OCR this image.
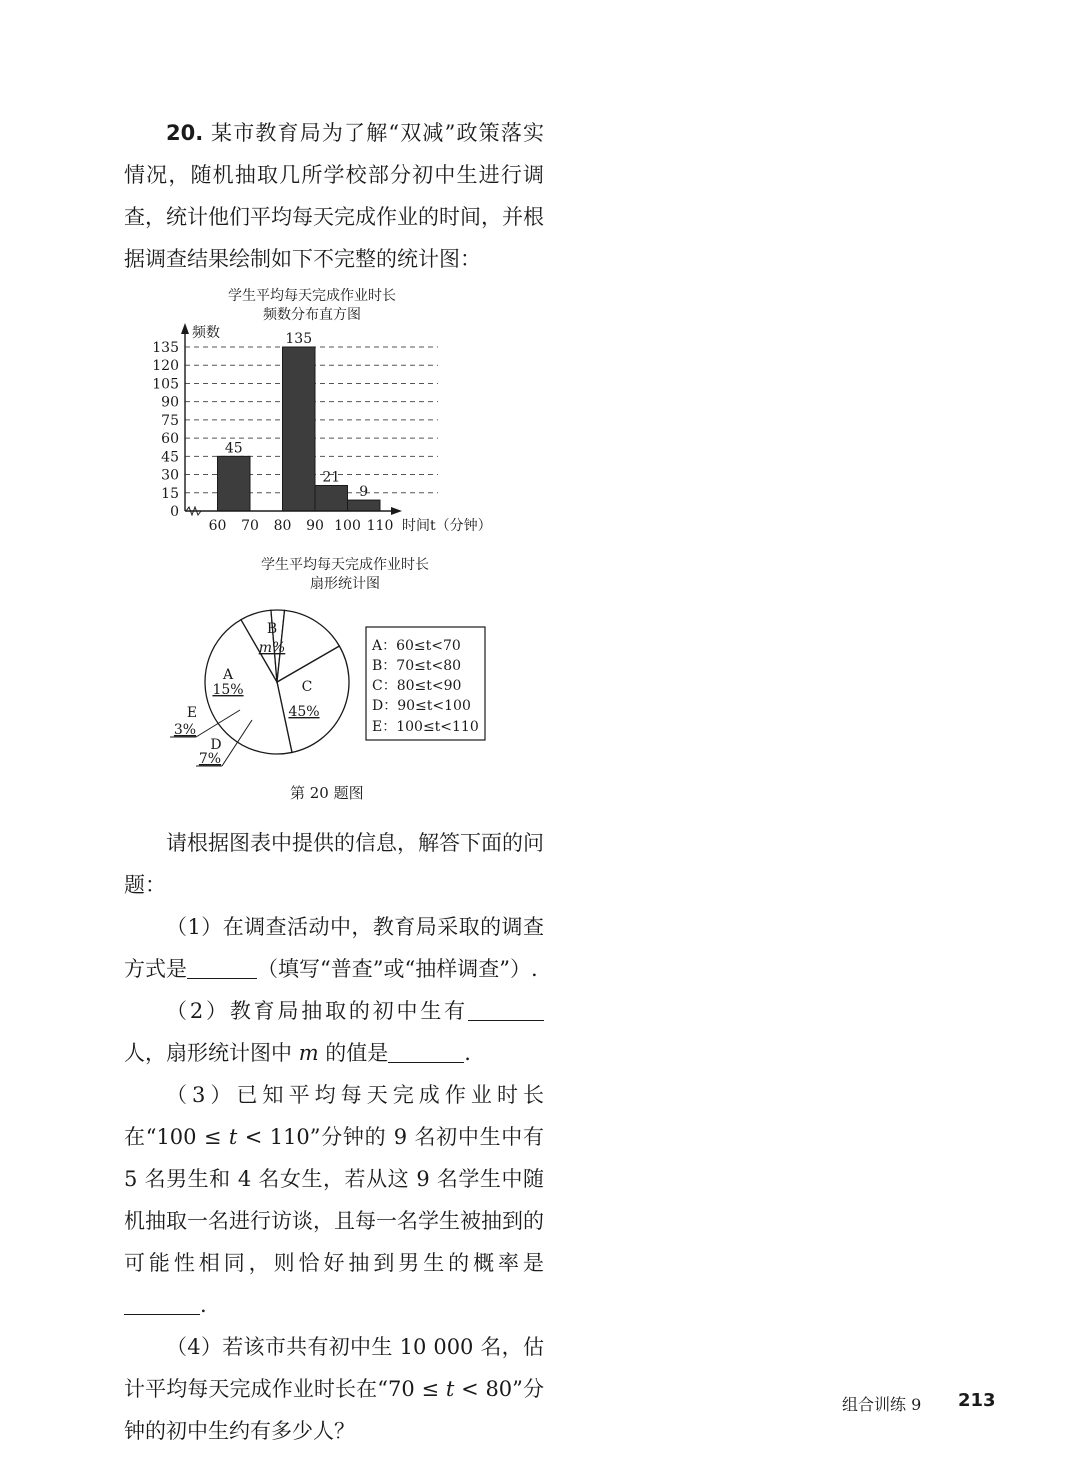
20. 某市教育局为了解“双减”政策落实情况，随机抽取几所学校部分初中生进行调查，统计他们平均每天完成作业的时间，并根据调查结果绘制如下不完整的统计图：

学生平均每天完成作业时长
频数分布直方图
频数
时间t（分钟）
0
15
30
45
60
75
90
105
120
135
60 70 80 90 100 110
45
135
21
9
学生平均每天完成作业时长
扇形统计图
B
m%
A
15%	C
45%
E
3%
D
7%
A：60≤t<70
B：70≤t<80
C：80≤t<90
D：90≤t<100
E：100≤t<110
第 20 题图

请根据图表中提供的信息，解答下面的问题：

（1）在调查活动中，教育局采取的调查方式是	（填写“普查”或“抽样调查”）.

（2）教育局抽取的初中生有人，扇形统计图中 m 的值是	.

（3）已知平均每天完成作业时长在“100 ≤ t < 110”分钟的 9 名初中生中有 5 名男生和 4 名女生，若从这 9 名学生中随机抽取一名进行访谈，且每一名学生被抽到的可能性相同，则恰好抽到男生的概率是.

（4）若该市共有初中生 10 000 名，估计平均每天完成作业时长在“70 ≤ t < 80”分钟的初中生约有多少人？

组合训练 9 213
